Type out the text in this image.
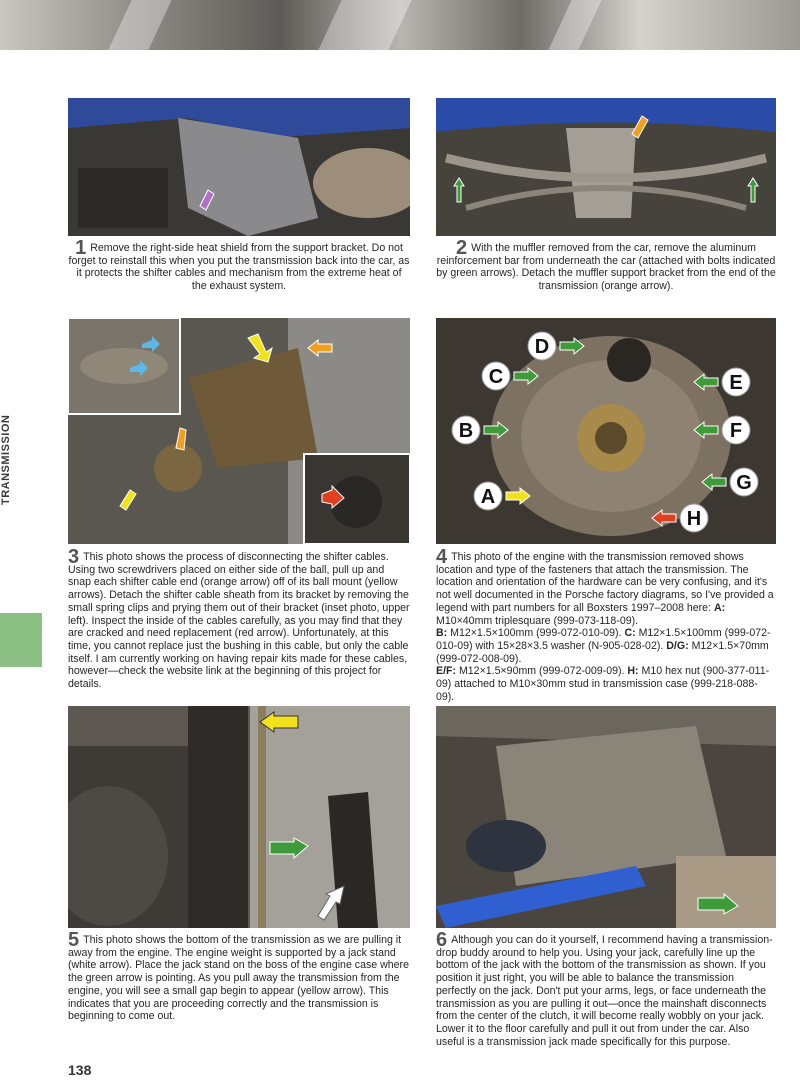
TRANSMISSION
1 Remove the right-side heat shield from the support bracket. Do not forget to reinstall this when you put the transmission back into the car, as it protects the shifter cables and mechanism from the extreme heat of the exhaust system.
2 With the muffler removed from the car, remove the aluminum reinforcement bar from underneath the car (attached with bolts indicated by green arrows). Detach the muffler support bracket from the end of the transmission (orange arrow).
3 This photo shows the process of disconnecting the shifter cables. Using two screwdrivers placed on either side of the ball, pull up and snap each shifter cable end (orange arrow) off of its ball mount (yellow arrows). Detach the shifter cable sheath from its bracket by removing the small spring clips and prying them out of their bracket (inset photo, upper left). Inspect the inside of the cables carefully, as you may find that they are cracked and need replacement (red arrow). Unfortunately, at this time, you cannot replace just the bushing in this cable, but only the cable itself. I am currently working on having repair kits made for these cables, however—check the website link at the beginning of this project for details.
A
B
C
D
E
F
G
H
4 This photo of the engine with the transmission removed shows location and type of the fasteners that attach the transmission. The location and orientation of the hardware can be very confusing, and it's not well documented in the Porsche factory diagrams, so I've provided a legend with part numbers for all Boxsters 1997–2008 here: A: M10×40mm triplesquare (999-073-118-09).
B: M12×1.5×100mm (999-072-010-09). C: M12×1.5×100mm (999-072-010-09) with 15×28×3.5 washer (N-905-028-02). D/G: M12×1.5×70mm (999-072-008-09).
E/F: M12×1.5×90mm (999-072-009-09). H: M10 hex nut (900-377-011-09) attached to M10×30mm stud in transmission case (999-218-088-09).
5 This photo shows the bottom of the transmission as we are pulling it away from the engine. The engine weight is supported by a jack stand (white arrow). Place the jack stand on the boss of the engine case where the green arrow is pointing. As you pull away the transmission from the engine, you will see a small gap begin to appear (yellow arrow). This indicates that you are proceeding correctly and the transmission is beginning to come out.
6 Although you can do it yourself, I recommend having a transmission-drop buddy around to help you. Using your jack, carefully line up the bottom of the jack with the bottom of the transmission as shown. If you position it just right, you will be able to balance the transmission perfectly on the jack. Don't put your arms, legs, or face underneath the transmission as you are pulling it out—once the mainshaft disconnects from the center of the clutch, it will become really wobbly on your jack. Lower it to the floor carefully and pull it out from under the car. Also useful is a transmission jack made specifically for this purpose.
138
